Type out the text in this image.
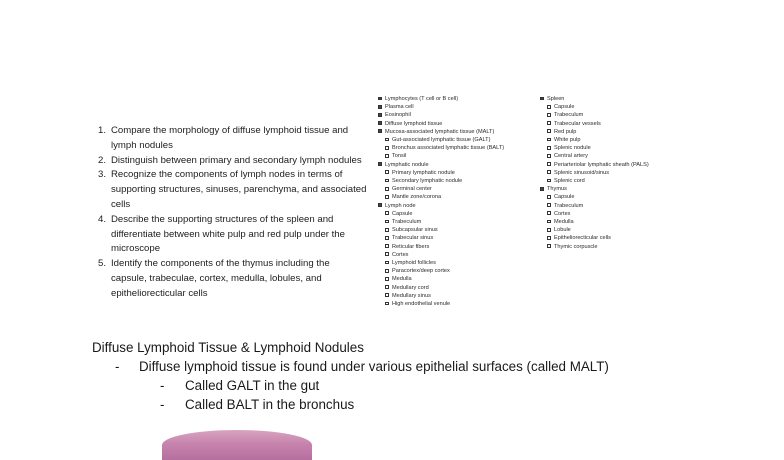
1. Compare the morphology of diffuse lymphoid tissue and lymph nodules
2. Distinguish between primary and secondary lymph nodules
3. Recognize the components of lymph nodes in terms of supporting structures, sinuses, parenchyma, and associated cells
4. Describe the supporting structures of the spleen and differentiate between white pulp and red pulp under the microscope
5. Identify the components of the thymus including the capsule, trabeculae, cortex, medulla, lobules, and epitheliorecticular cells
Lymphocytes (T cell or B cell)
Plasma cell
Eosinophil
Diffuse lymphoid tissue
Mucosa-associated lymphatic tissue (MALT)
Gut-associated lymphatic tissue (GALT)
Bronchus associated lymphatic tissue (BALT)
Tonsil
Lymphatic nodule
Primary lymphatic nodule
Secondary lymphatic nodule
Germinal center
Mantle zone/corona
Lymph node
Capsule
Trabeculum
Subcapsular sinus
Trabecular sinus
Reticular fibers
Cortex
Lymphoid follicles
Paracortex/deep cortex
Medulla
Medullary cord
Medullary sinus
High endothelial venule
Spleen
Capsule
Trabeculum
Trabecular vessels
Red pulp
White pulp
Splenic nodule
Central artery
Periarteriolar lymphatic sheath (PALS)
Splenic sinusoid/sinus
Splenic cord
Thymus
Capsule
Trabeculum
Cortex
Medulla
Lobule
Epitheliorecticular cells
Thymic corpuscle
Diffuse Lymphoid Tissue & Lymphoid Nodules
- Diffuse lymphoid tissue is found under various epithelial surfaces (called MALT)
- Called GALT in the gut
- Called BALT in the bronchus
